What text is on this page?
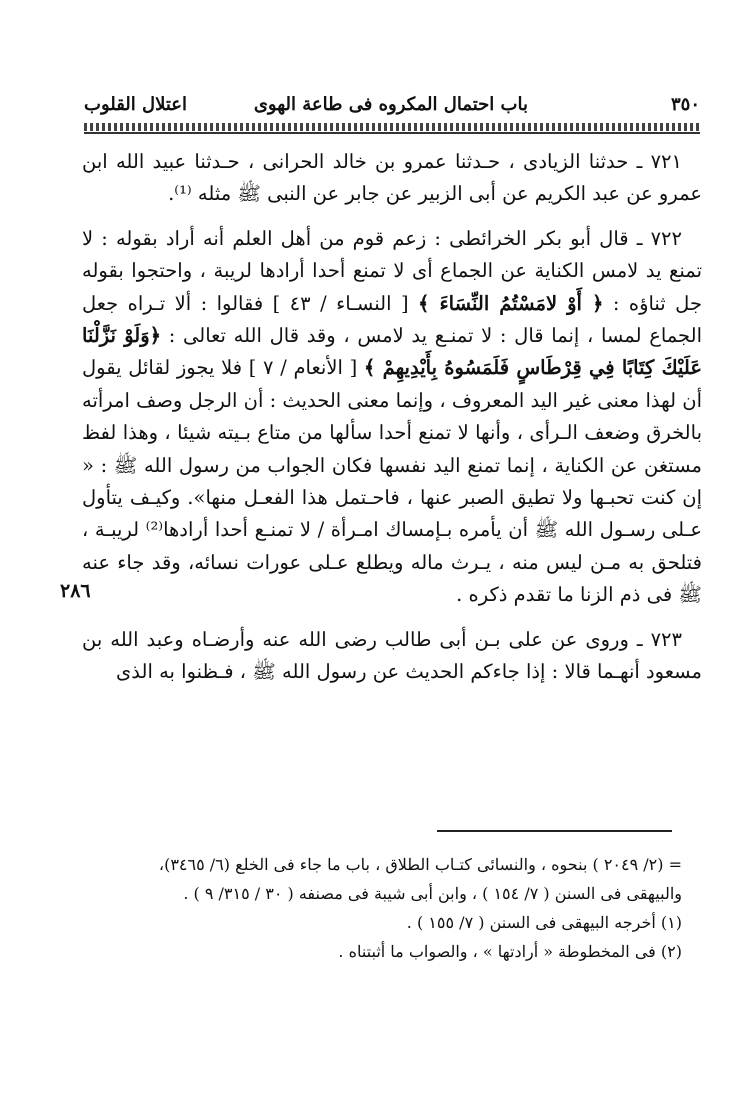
٣٥٠
باب احتمال المكروه فى طاعة الهوى
اعتلال القلوب

٧٢١ ـ حدثنا الزيادى ، حـدثنا عمرو بن خالد الحرانى ، حـدثنا عبيد الله ابن عمرو عن عبد الكريم عن أبى الزبير عن جابر عن النبى ﷺ مثله ⁽¹⁾.

٧٢٢ ـ قال أبو بكر الخرائطى : زعم قوم من أهل العلم أنه أراد بقوله : لا تمنع يد لامس الكناية عن الجماع أى لا تمنع أحدا أرادها لريبة ، واحتجوا بقوله جل ثناؤه : ﴿ أَوْ لامَسْتُمُ النِّسَاءَ ﴾ [ النسـاء / ٤٣ ] فقالوا : ألا تـراه جعل الجماع لمسا ، إنما قال : لا تمنـع يد لامس ، وقد قال الله تعالى : ﴿وَلَوْ نَزَّلْنَا عَلَيْكَ كِتَابًا فِي قِرْطَاسٍ فَلَمَسُوهُ بِأَيْدِيهِمْ ﴾ [ الأنعام / ٧ ] فلا يجوز لقائل يقول أن لهذا معنى غير اليد المعروف ، وإنما معنى الحديث : أن الرجل وصف امرأته بالخرق وضعف الـرأى ، وأنها لا تمنع أحدا سألها من متاع بـيته شيئا ، وهذا لفظ مستغن عن الكناية ، إنما تمنع اليد نفسها فكان الجواب من رسول الله ﷺ : « إن كنت تحبـها ولا تطيق الصبر عنها ، فاحـتمل هذا الفعـل منها». وكيـف يتأول عـلى رسـول الله ﷺ أن يأمره بـإمساك امـرأة / لا تمنـع أحدا أرادها⁽²⁾ لريبـة ، فتلحق به مـن ليس منه ، يـرث ماله ويطلع عـلى عورات نسائه، وقد جاء عنه ﷺ فى ذم الزنا ما تقدم ذكره .

٧٢٣ ـ وروى عن على بـن أبى طالب رضى الله عنه وأرضـاه وعبد الله بن مسعود أنهـما قالا : إذا جاءكم الحديث عن رسول الله ﷺ ، فـظنوا به الذى

٢٨٦

= (٢/ ٢٠٤٩ ) بنحوه ، والنسائى كتـاب الطلاق ، باب ما جاء فى الخلع (٦/ ٣٤٦٥)،

والبيهقى فى السنن ( ٧/ ١٥٤ ) ، وابن أبى شيبة فى مصنفه ( ٣٠ / ٣١٥/ ٩ ) .

(١) أخرجه البيهقى فى السنن ( ٧/ ١٥٥ ) .

(٢) فى المخطوطة « أرادتها » ، والصواب ما أثبتناه .
